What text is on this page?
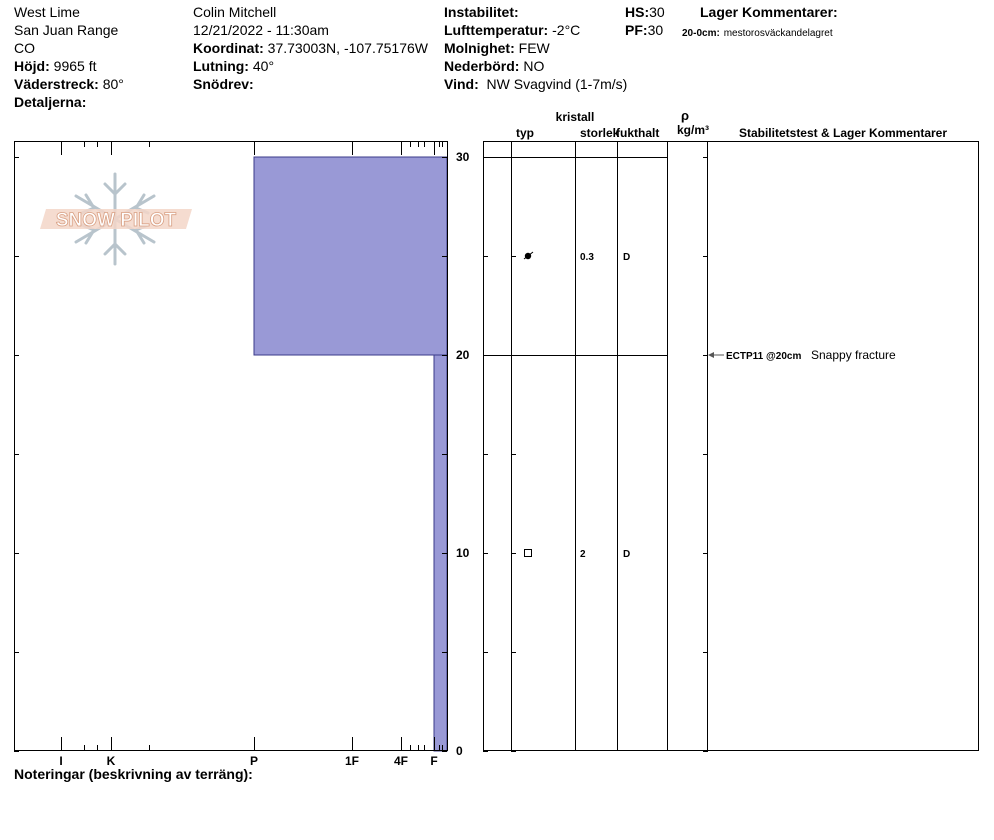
West Lime
San Juan Range
CO
Höjd: 9965 ft
Väderstreck: 80°
Detaljerna:
Colin Mitchell
12/21/2022 - 11:30am
Koordinat: 37.73003N, -107.75176W
Lutning: 40°
Snödrev:
Instabilitet:
Lufttemperatur: -2°C
Molnighet: FEW
Nederbörd: NO
Vind: NW Svagvind (1-7m/s)
HS:30
PF:30
Lager Kommentarer:
20-0cm: mestorosväckandelagret
0
10
20
30
I	K	P	1F	4F F
0.3	D
2	D
ECTP11 @20cm Snappy fracture
kristall
typ	storlek
fukthalt
ρ
kg/m³ Stabilitetstest & Lager Kommentarer
SNOW PILOT
Noteringar (beskrivning av terräng):
